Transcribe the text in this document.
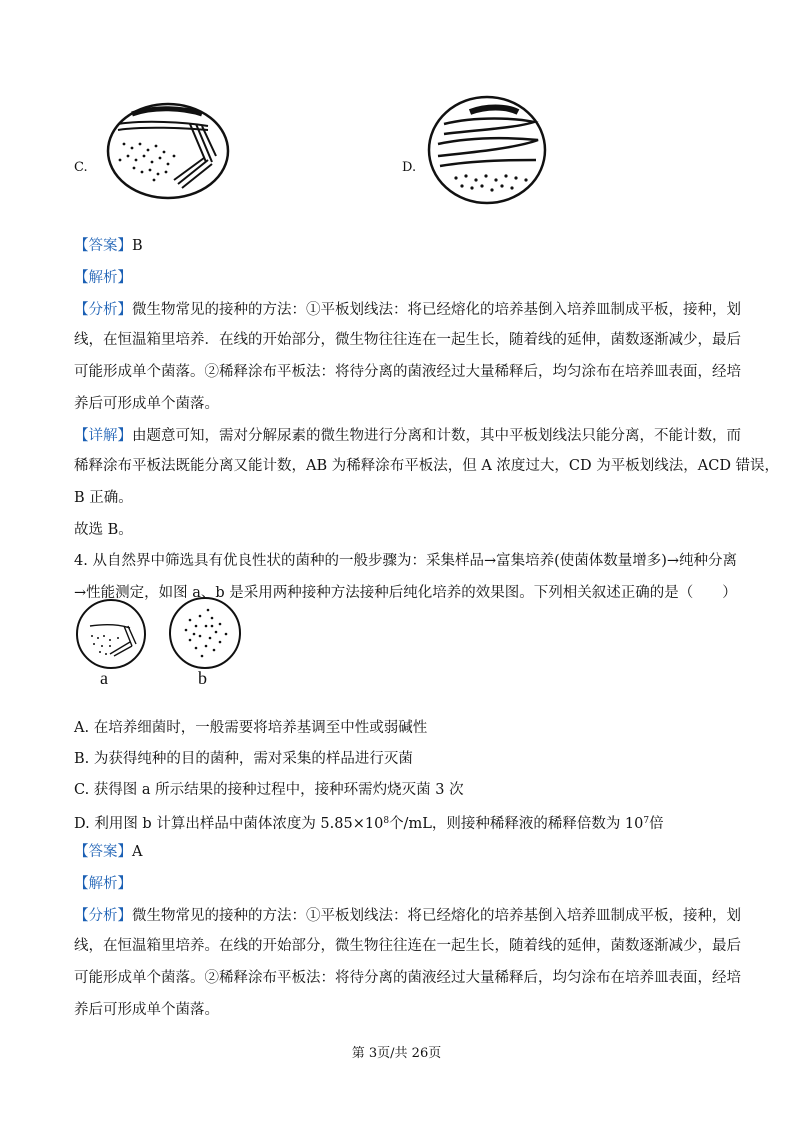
C.	D.
【答案】B
【解析】
【分析】微生物常见的接种的方法：①平板划线法：将已经熔化的培养基倒入培养皿制成平板，接种，划
线，在恒温箱里培养．在线的开始部分，微生物往往连在一起生长，随着线的延伸，菌数逐渐减少，最后
可能形成单个菌落。②稀释涂布平板法：将待分离的菌液经过大量稀释后，均匀涂布在培养皿表面，经培
养后可形成单个菌落。
【详解】由题意可知，需对分解尿素的微生物进行分离和计数，其中平板划线法只能分离，不能计数，而
稀释涂布平板法既能分离又能计数，AB 为稀释涂布平板法，但 A 浓度过大，CD 为平板划线法，ACD 错误，
B 正确。
故选 B。
4. 从自然界中筛选具有优良性状的菌种的一般步骤为：采集样品→富集培养(使菌体数量增多)→纯种分离
→性能测定，如图 a、b 是采用两种接种方法接种后纯化培养的效果图。下列相关叙述正确的是（　　）
a	b
A. 在培养细菌时，一般需要将培养基调至中性或弱碱性
B. 为获得纯种的目的菌种，需对采集的样品进行灭菌
C. 获得图 a 所示结果的接种过程中，接种环需灼烧灭菌 3 次
D. 利用图 b 计算出样品中菌体浓度为 $5.85\times 10^8$个/mL，则接种稀释液的稀释倍数为 $10^7$倍
【答案】A
【解析】
【分析】微生物常见的接种的方法：①平板划线法：将已经熔化的培养基倒入培养皿制成平板，接种，划
线，在恒温箱里培养。在线的开始部分，微生物往往连在一起生长，随着线的延伸，菌数逐渐减少，最后
可能形成单个菌落。②稀释涂布平板法：将待分离的菌液经过大量稀释后，均匀涂布在培养皿表面，经培
养后可形成单个菌落。
第 3页/共 26页
